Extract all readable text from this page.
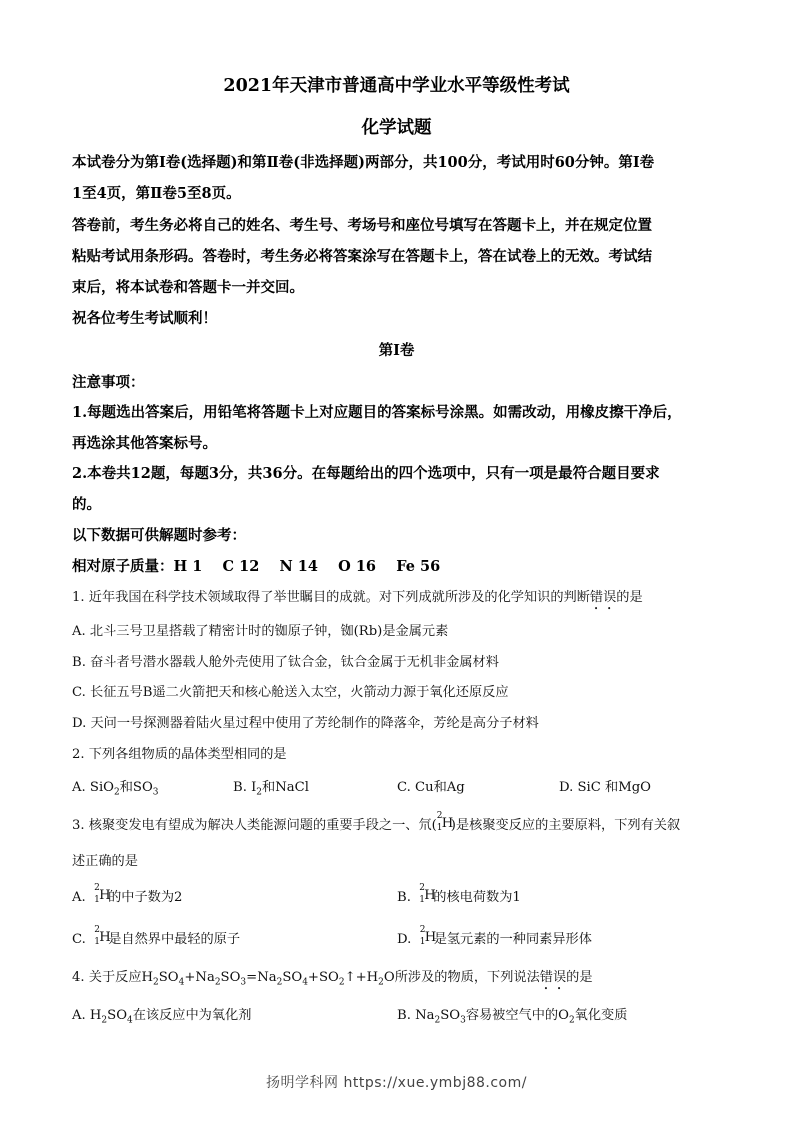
2021年天津市普通高中学业水平等级性考试
化学试题
本试卷分为第Ⅰ卷(选择题)和第Ⅱ卷(非选择题)两部分，共100分，考试用时60分钟。第Ⅰ卷
1至4页，第Ⅱ卷5至8页。
答卷前，考生务必将自己的姓名、考生号、考场号和座位号填写在答题卡上，并在规定位置
粘贴考试用条形码。答卷时，考生务必将答案涂写在答题卡上，答在试卷上的无效。考试结
束后，将本试卷和答题卡一并交回。
祝各位考生考试顺利！
第Ⅰ卷
注意事项：
1.每题选出答案后，用铅笔将答题卡上对应题目的答案标号涂黑。如需改动，用橡皮擦干净后，
再选涂其他答案标号。
2.本卷共12题，每题3分，共36分。在每题给出的四个选项中，只有一项是最符合题目要求
的。
以下数据可供解题时参考：
相对原子质量：H 1    C 12    N 14    O 16    Fe 56
1. 近年我国在科学技术领域取得了举世瞩目的成就。对下列成就所涉及的化学知识的判断错误的是
A. 北斗三号卫星搭载了精密计时的铷原子钟，铷(Rb)是金属元素
B. 奋斗者号潜水器载人舱外壳使用了钛合金，钛合金属于无机非金属材料
C. 长征五号B遥二火箭把天和核心舱送入太空，火箭动力源于氧化还原反应
D. 天问一号探测器着陆火星过程中使用了芳纶制作的降落伞，芳纶是高分子材料
2. 下列各组物质的晶体类型相同的是
A. SiO$_2$和$SO_3$	B. $I_2$和NaCl	C. Cu和Ag	D. SiC 和MgO
3. 核聚变发电有望成为解决人类能源问题的重要手段之一、氘(
2
1 H
)是核聚变反应的主要原料，下列有关叙
述正确的是
A.
2
1 H
的中子数为2	B.
2
1 H
的核电荷数为1
C.
2
1 H
是自然界中最轻的原子	D.
2
1 H
是氢元素的一种同素异形体
4. 关于反应$H_2SO_4+Na_2SO_3=Na_2SO_4+SO_2↑+H_2O$所涉及的物质，下列说法错误的是
A. $H_2SO_4$在该反应中为氧化剂	B. $Na_2SO_3$容易被空气中的$O_2$氧化变质
扬明学科网 https://xue.ymbj88.com/
